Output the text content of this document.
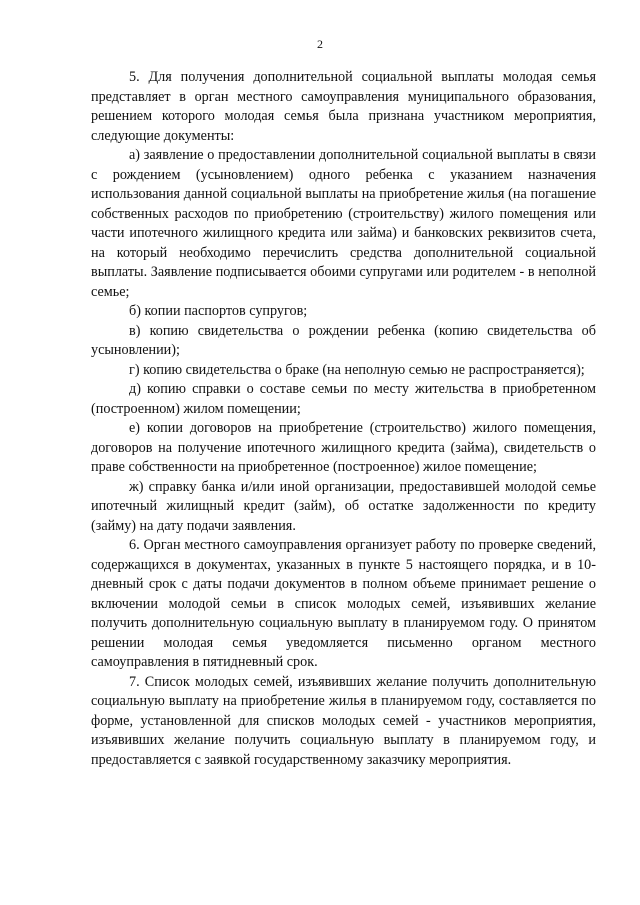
2

5. Для получения дополнительной социальной выплаты молодая семья представляет в орган местного самоуправления муниципального образования, решением которого молодая семья была признана участником мероприятия, следующие документы:

а) заявление о предоставлении дополнительной социальной выплаты в связи с рождением (усыновлением) одного ребенка с указанием назначения использования данной социальной выплаты на приобретение жилья (на погашение собственных расходов по приобретению (строительству) жилого помещения или части ипотечного жилищного кредита или займа) и банковских реквизитов счета, на который необходимо перечислить средства дополнительной социальной выплаты. Заявление подписывается обоими супругами или родителем - в неполной семье;

б) копии паспортов супругов;

в) копию свидетельства о рождении ребенка (копию свидетельства об усыновлении);

г) копию свидетельства о браке (на неполную семью не распространяется);

д) копию справки о составе семьи по месту жительства в приобретенном (построенном) жилом помещении;

е) копии договоров на приобретение (строительство) жилого помещения, договоров на получение ипотечного жилищного кредита (займа), свидетельств о праве собственности на приобретенное (построенное) жилое помещение;

ж) справку банка и/или иной организации, предоставившей молодой семье ипотечный жилищный кредит (займ), об остатке задолженности по кредиту (займу) на дату подачи заявления.

6. Орган местного самоуправления организует работу по проверке сведений, содержащихся в документах, указанных в пункте 5 настоящего порядка, и в 10-дневный срок с даты подачи документов в полном объеме принимает решение о включении молодой семьи в список молодых семей, изъявивших желание получить дополнительную социальную выплату в планируемом году. О принятом решении молодая семья уведомляется письменно органом местного самоуправления в пятидневный срок.

7. Список молодых семей, изъявивших желание получить дополнительную социальную выплату на приобретение жилья в планируемом году, составляется по форме, установленной для списков молодых семей - участников мероприятия, изъявивших желание получить социальную выплату в планируемом году, и предоставляется с заявкой государственному заказчику мероприятия.
